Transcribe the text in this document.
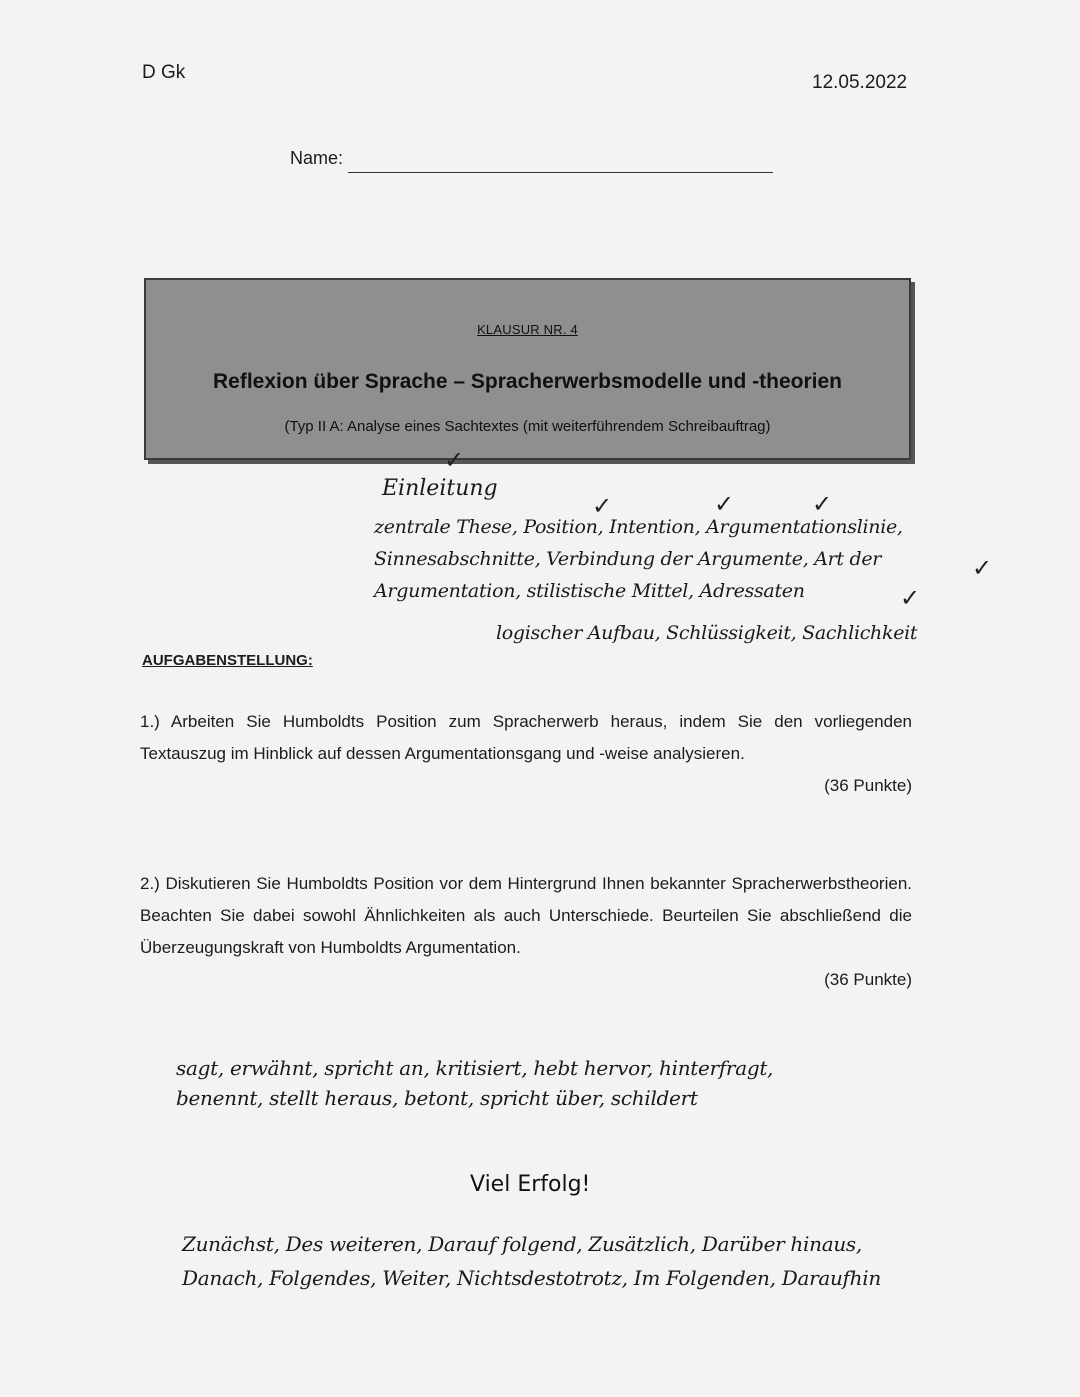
D Gk	12.05.2022
Name:
KLAUSUR NR. 4
Reflexion über Sprache – Spracherwerbsmodelle und -theorien
(Typ II A: Analyse eines Sachtextes (mit weiterführendem Schreibauftrag)
Einleitung
✓
✓	✓	✓
✓
✓
zentrale These, Position, Intention, Argumentationslinie,
Sinnesabschnitte, Verbindung der Argumente, Art der
Argumentation, stilistische Mittel, Adressaten
logischer Aufbau, Schlüssigkeit, Sachlichkeit
AUFGABENSTELLUNG:
1.) Arbeiten Sie Humboldts Position zum Spracherwerb heraus, indem Sie den vorliegenden Textauszug im Hinblick auf dessen Argumentationsgang und -weise analysieren.
(36 Punkte)
2.) Diskutieren Sie Humboldts Position vor dem Hintergrund Ihnen bekannter Spracherwerbstheorien. Beachten Sie dabei sowohl Ähnlichkeiten als auch Unterschiede. Beurteilen Sie abschließend die Überzeugungskraft von Humboldts Argumentation.
(36 Punkte)
sagt, erwähnt, spricht an, kritisiert, hebt hervor, hinterfragt,
benennt, stellt heraus, betont, spricht über, schildert
Viel Erfolg!
Zunächst, Des weiteren, Darauf folgend, Zusätzlich, Darüber hinaus,
Danach, Folgendes, Weiter, Nichtsdestotrotz, Im Folgenden, Daraufhin
